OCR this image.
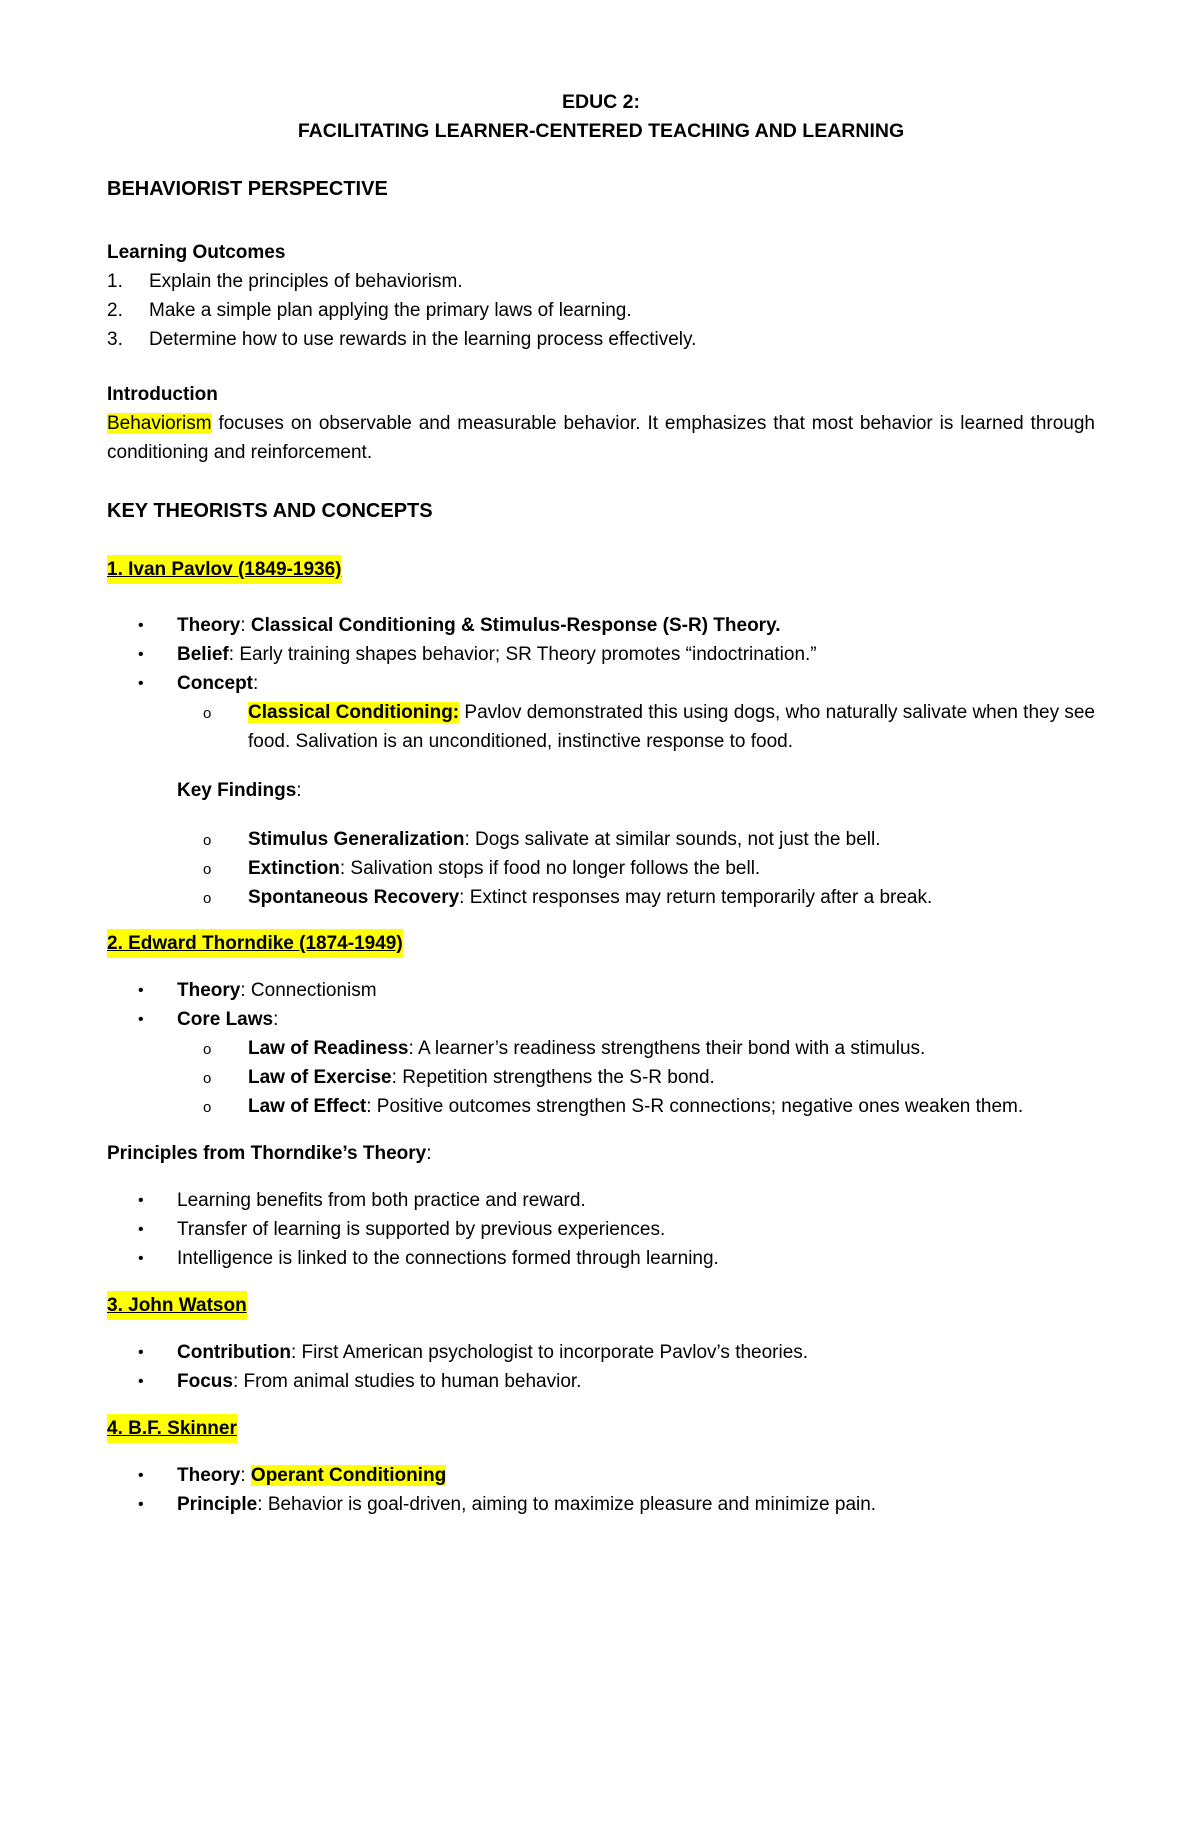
EDUC 2:
FACILITATING LEARNER-CENTERED TEACHING AND LEARNING
BEHAVIORIST PERSPECTIVE
Learning Outcomes
1. Explain the principles of behaviorism.
2. Make a simple plan applying the primary laws of learning.
3. Determine how to use rewards in the learning process effectively.
Introduction

Behaviorism focuses on observable and measurable behavior. It emphasizes that most behavior is learned through conditioning and reinforcement.

KEY THEORISTS AND CONCEPTS
1. Ivan Pavlov (1849-1936)
• Theory: Classical Conditioning & Stimulus-Response (S-R) Theory.
• Belief: Early training shapes behavior; SR Theory promotes “indoctrination.”
• Concept:
o Classical Conditioning: Pavlov demonstrated this using dogs, who naturally salivate when they see food. Salivation is an unconditioned, instinctive response to food.
Key Findings:
o Stimulus Generalization: Dogs salivate at similar sounds, not just the bell.
o Extinction: Salivation stops if food no longer follows the bell.
o Spontaneous Recovery: Extinct responses may return temporarily after a break.
2. Edward Thorndike (1874-1949)
• Theory: Connectionism
• Core Laws:
o Law of Readiness: A learner’s readiness strengthens their bond with a stimulus.
o Law of Exercise: Repetition strengthens the S-R bond.
o Law of Effect: Positive outcomes strengthen S-R connections; negative ones weaken them.
Principles from Thorndike’s Theory:
• Learning benefits from both practice and reward.
• Transfer of learning is supported by previous experiences.
• Intelligence is linked to the connections formed through learning.
3. John Watson
• Contribution: First American psychologist to incorporate Pavlov’s theories.
• Focus: From animal studies to human behavior.
4. B.F. Skinner
• Theory: Operant Conditioning
• Principle: Behavior is goal-driven, aiming to maximize pleasure and minimize pain.
